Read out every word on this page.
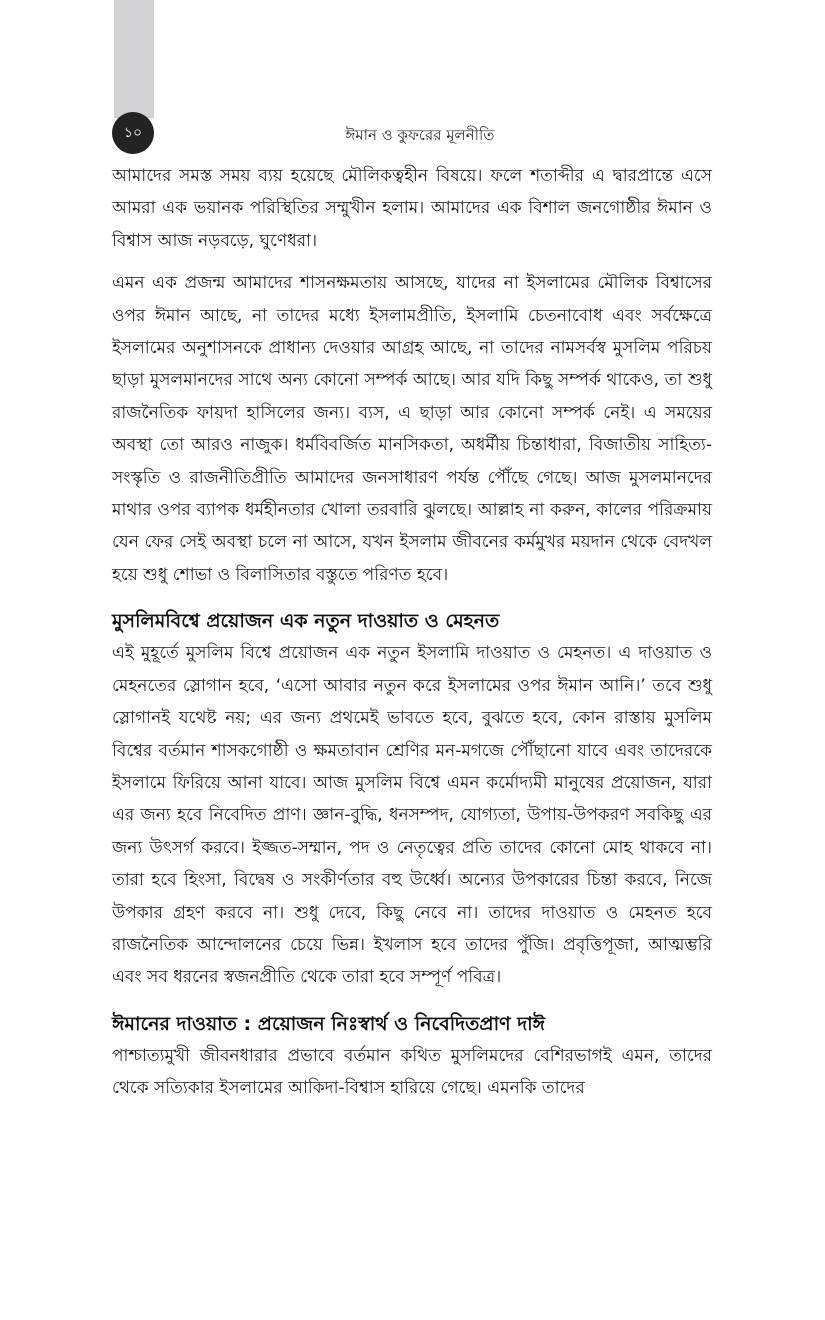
১০	ঈমান ও কুফরের মূলনীতি

আমাদের সমস্ত সময় ব্যয় হয়েছে মৌলিকত্বহীন বিষয়ে। ফলে শতাব্দীর এ দ্বারপ্রান্তে এসে আমরা এক ভয়ানক পরিস্থিতির সম্মুখীন হলাম। আমাদের এক বিশাল জনগোষ্ঠীর ঈমান ও বিশ্বাস আজ নড়বড়ে, ঘুণেধরা।

এমন এক প্রজন্ম আমাদের শাসনক্ষমতায় আসছে, যাদের না ইসলামের মৌলিক বিশ্বাসের ওপর ঈমান আছে, না তাদের মধ্যে ইসলামপ্রীতি, ইসলামি চেতনাবোধ এবং সর্বক্ষেত্রে ইসলামের অনুশাসনকে প্রাধান্য দেওয়ার আগ্রহ আছে, না তাদের নামসর্বস্ব মুসলিম পরিচয় ছাড়া মুসলমানদের সাথে অন্য কোনো সম্পর্ক আছে। আর যদি কিছু সম্পর্ক থাকেও, তা শুধু রাজনৈতিক ফায়দা হাসিলের জন্য। ব্যস, এ ছাড়া আর কোনো সম্পর্ক নেই। এ সময়ের অবস্থা তো আরও নাজুক। ধর্মবিবর্জিত মানসিকতা, অধর্মীয় চিন্তাধারা, বিজাতীয় সাহিত্য-সংস্কৃতি ও রাজনীতিপ্রীতি আমাদের জনসাধারণ পর্যন্ত পৌঁছে গেছে। আজ মুসলমানদের মাথার ওপর ব্যাপক ধর্মহীনতার খোলা তরবারি ঝুলছে। আল্লাহ না করুন, কালের পরিক্রমায় যেন ফের সেই অবস্থা চলে না আসে, যখন ইসলাম জীবনের কর্মমুখর ময়দান থেকে বেদখল হয়ে শুধু শোভা ও বিলাসিতার বস্তুতে পরিণত হবে।

মুসলিমবিশ্বে প্রয়োজন এক নতুন দাওয়াত ও মেহনত

এই মুহূর্তে মুসলিম বিশ্বে প্রয়োজন এক নতুন ইসলামি দাওয়াত ও মেহনত। এ দাওয়াত ও মেহনতের স্লোগান হবে, ‘এসো আবার নতুন করে ইসলামের ওপর ঈমান আনি।’ তবে শুধু স্লোগানই যথেষ্ট নয়; এর জন্য প্রথমেই ভাবতে হবে, বুঝতে হবে, কোন রাস্তায় মুসলিম বিশ্বের বর্তমান শাসকগোষ্ঠী ও ক্ষমতাবান শ্রেণির মন-মগজে পৌঁছানো যাবে এবং তাদেরকে ইসলামে ফিরিয়ে আনা যাবে। আজ মুসলিম বিশ্বে এমন কর্মোদ্যমী মানুষের প্রয়োজন, যারা এর জন্য হবে নিবেদিত প্রাণ। জ্ঞান-বুদ্ধি, ধনসম্পদ, যোগ্যতা, উপায়-উপকরণ সবকিছু এর জন্য উৎসর্গ করবে। ইজ্জত-সম্মান, পদ ও নেতৃত্বের প্রতি তাদের কোনো মোহ থাকবে না। তারা হবে হিংসা, বিদ্বেষ ও সংকীর্ণতার বহু উর্ধ্বে। অন্যের উপকারের চিন্তা করবে, নিজে উপকার গ্রহণ করবে না। শুধু দেবে, কিছু নেবে না। তাদের দাওয়াত ও মেহনত হবে রাজনৈতিক আন্দোলনের চেয়ে ভিন্ন। ইখলাস হবে তাদের পুঁজি। প্রবৃত্তিপূজা, আত্মম্ভরি এবং সব ধরনের স্বজনপ্রীতি থেকে তারা হবে সম্পূর্ণ পবিত্র।

ঈমানের দাওয়াত : প্রয়োজন নিঃস্বার্থ ও নিবেদিতপ্রাণ দাঈ

পাশ্চাত্যমুখী জীবনধারার প্রভাবে বর্তমান কথিত মুসলিমদের বেশিরভাগই এমন, তাদের থেকে সত্যিকার ইসলামের আকিদা-বিশ্বাস হারিয়ে গেছে। এমনকি তাদের
